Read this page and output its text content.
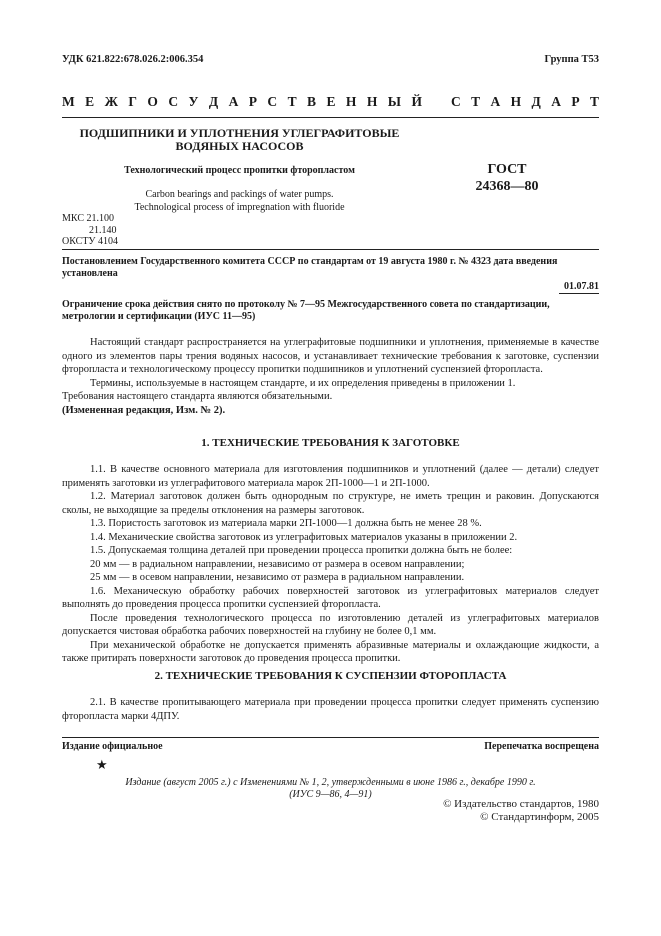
УДК 621.822:678.026.2:006.354	Группа Т53
М Е Ж Г О С У Д А Р С Т В Е Н Н Ы Й С Т А Н Д А Р Т
ПОДШИПНИКИ И УПЛОТНЕНИЯ УГЛЕГРАФИТОВЫЕ
ВОДЯНЫХ НАСОСОВ
Технологический процесс пропитки фторопластом	ГОСТ
24368—80
Carbon bearings and packings of water pumps.
Technological process of impregnation with fluoride
МКС 21.100
21.140
ОКСТУ 4104
Постановлением Государственного комитета СССР по стандартам от 19 августа 1980 г. № 4323 дата введения установлена
01.07.81
Ограничение срока действия снято по протоколу № 7—95 Межгосударственного совета по стандартизации, метрологии и сертификации (ИУС 11—95)

Настоящий стандарт распространяется на углеграфитовые подшипники и уплотнения, применяемые в качестве одного из элементов пары трения водяных насосов, и устанавливает технические требования к заготовке, суспензии фторопласта и технологическому процессу пропитки подшипников и уплотнений суспензией фторопласта.

Термины, используемые в настоящем стандарте, и их определения приведены в приложении 1.

Требования настоящего стандарта являются обязательными.

(Измененная редакция, Изм. № 2).

1. ТЕХНИЧЕСКИЕ ТРЕБОВАНИЯ К ЗАГОТОВКЕ

1.1. В качестве основного материала для изготовления подшипников и уплотнений (далее — детали) следует применять заготовки из углеграфитового материала марок 2П-1000—1 и 2П-1000.

1.2. Материал заготовок должен быть однородным по структуре, не иметь трещин и раковин. Допускаются сколы, не выходящие за пределы отклонения на размеры заготовок.

1.3. Пористость заготовок из материала марки 2П-1000—1 должна быть не менее 28 %.

1.4. Механические свойства заготовок из углеграфитовых материалов указаны в приложении 2.

1.5. Допускаемая толщина деталей при проведении процесса пропитки должна быть не более:

20 мм — в радиальном направлении, независимо от размера в осевом направлении;

25 мм — в осевом направлении, независимо от размера в радиальном направлении.

1.6. Механическую обработку рабочих поверхностей заготовок из углеграфитовых материалов следует выполнять до проведения процесса пропитки суспензией фторопласта.

После проведения технологического процесса по изготовлению деталей из углеграфитовых материалов допускается чистовая обработка рабочих поверхностей на глубину не более 0,1 мм.

При механической обработке не допускается применять абразивные материалы и охлаждающие жидкости, а также притирать поверхности заготовок до проведения процесса пропитки.

2. ТЕХНИЧЕСКИЕ ТРЕБОВАНИЯ К СУСПЕНЗИИ ФТОРОПЛАСТА

2.1. В качестве пропитывающего материала при проведении процесса пропитки следует применять суспензию фторопласта марки 4ДПУ.

Издание официальное	Перепечатка воспрещена
★
Издание (август 2005 г.) с Изменениями № 1, 2, утвержденными в июне 1986 г., декабре 1990 г.
(ИУС 9—86, 4—91)
© Издательство стандартов, 1980
© Стандартинформ, 2005
